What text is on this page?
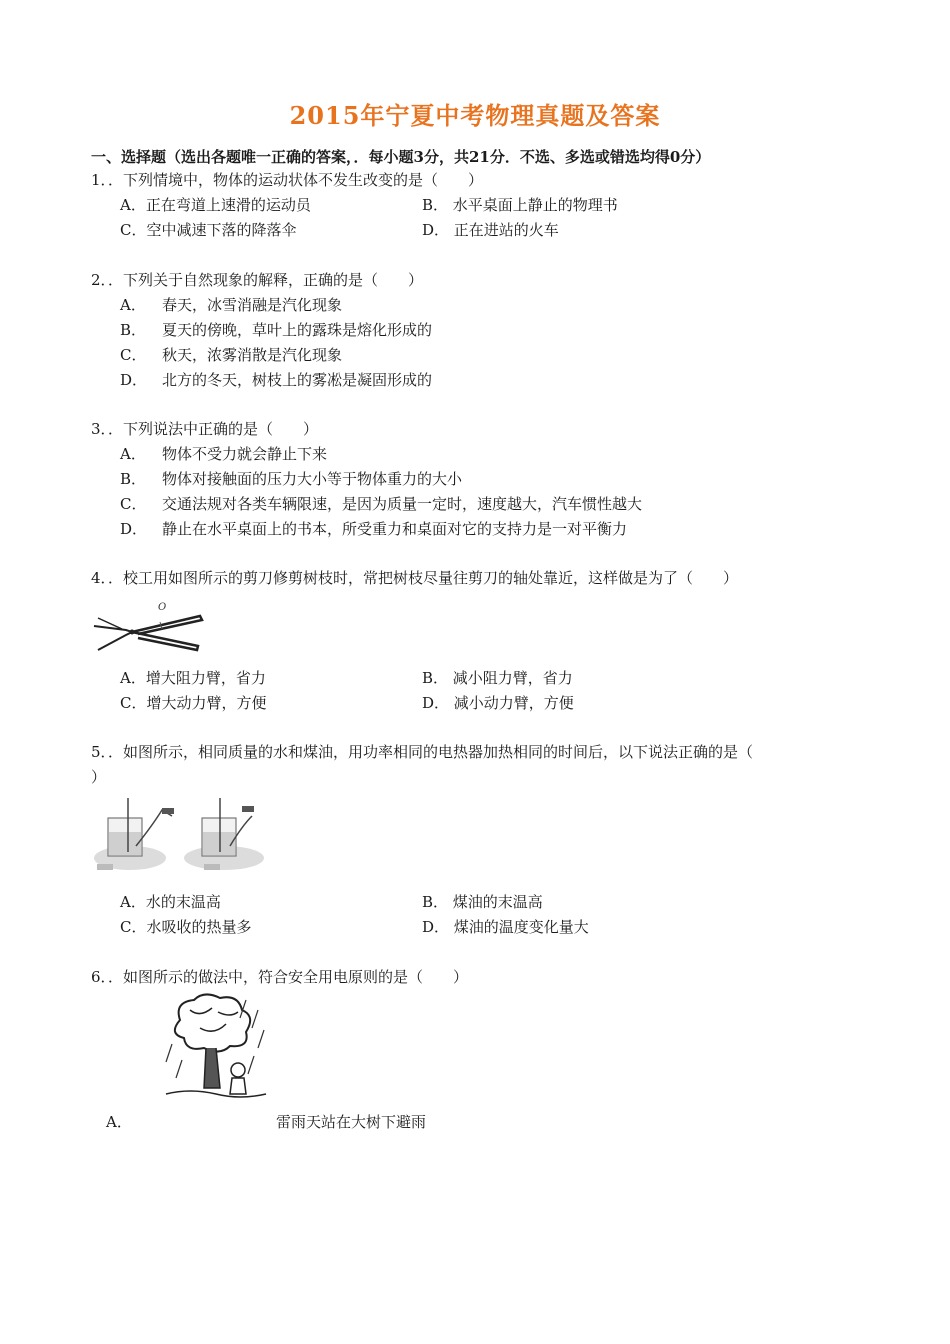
2015年宁夏中考物理真题及答案
一、选择题（选出各题唯一正确的答案，．每小题3分，共21分．不选、多选或错选均得0分）
1．．下列情境中，物体的运动状体不发生改变的是（　　）
A．正在弯道上速滑的运动员	B． 水平桌面上静止的物理书
C．空中减速下落的降落伞	D． 正在进站的火车
2．．下列关于自然现象的解释，正确的是（　　）
A． 春天，冰雪消融是汽化现象
B． 夏天的傍晚，草叶上的露珠是熔化形成的
C． 秋天，浓雾消散是汽化现象
D． 北方的冬天，树枝上的雾凇是凝固形成的
3．．下列说法中正确的是（　　）
A． 物体不受力就会静止下来
B． 物体对接触面的压力大小等于物体重力的大小
C． 交通法规对各类车辆限速，是因为质量一定时，速度越大，汽车惯性越大
D． 静止在水平桌面上的书本，所受重力和桌面对它的支持力是一对平衡力
4．．校工用如图所示的剪刀修剪树枝时，常把树枝尽量往剪刀的轴处靠近，这样做是为了（　　）
O
A．增大阻力臂，省力	B． 减小阻力臂，省力
C．增大动力臂，方便	D． 减小动力臂，方便
5．．如图所示，相同质量的水和煤油，用功率相同的电热器加热相同的时间后，以下说法正确的是（
）
A．水的末温高	B． 煤油的末温高
C．水吸收的热量多	D． 煤油的温度变化量大
6．．如图所示的做法中，符合安全用电原则的是（　　）
A．	雷雨天站在大树下避雨
